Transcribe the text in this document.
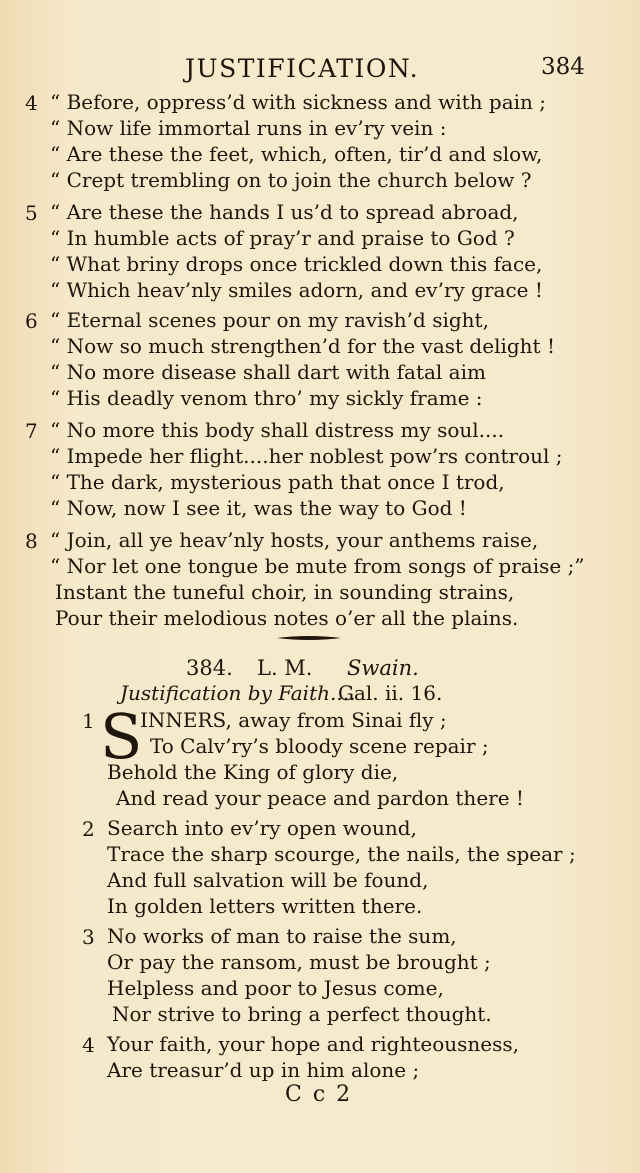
JUSTIFICATION.	384
4 “ Before, oppress’d with sickness and with pain ;
“ Now life immortal runs in ev’ry vein :
“ Are these the feet, which, often, tir’d and slow,
“ Crept trembling on to join the church below ?
5 “ Are these the hands I us’d to spread abroad,
“ In humble acts of pray’r and praise to God ?
“ What briny drops once trickled down this face,
“ Which heav’nly smiles adorn, and ev’ry grace !
6 “ Eternal scenes pour on my ravish’d sight,
“ Now so much strengthen’d for the vast delight !
“ No more disease shall dart with fatal aim
“ His deadly venom thro’ my sickly frame :
7 “ No more this body shall distress my soul....
“ Impede her flight....her noblest pow’rs controul ;
“ The dark, mysterious path that once I trod,
“ Now, now I see it, was the way to God !
8 “ Join, all ye heav’nly hosts, your anthems raise,
“ Nor let one tongue be mute from songs of praise ;”
Instant the tuneful choir, in sounding strains,
Pour their melodious notes o’er all the plains.
384. L. M. Swain.
Justification by Faith....
Gal. ii. 16.
1 S
INNERS, away from Sinai fly ;
To Calv’ry’s bloody scene repair ;
Behold the King of glory die,
And read your peace and pardon there !
2 Search into ev’ry open wound,
Trace the sharp scourge, the nails, the spear ;
And full salvation will be found,
In golden letters written there.
3 No works of man to raise the sum,
Or pay the ransom, must be brought ;
Helpless and poor to Jesus come,
Nor strive to bring a perfect thought.
4 Your faith, your hope and righteousness,
Are treasur’d up in him alone ;
C c 2
